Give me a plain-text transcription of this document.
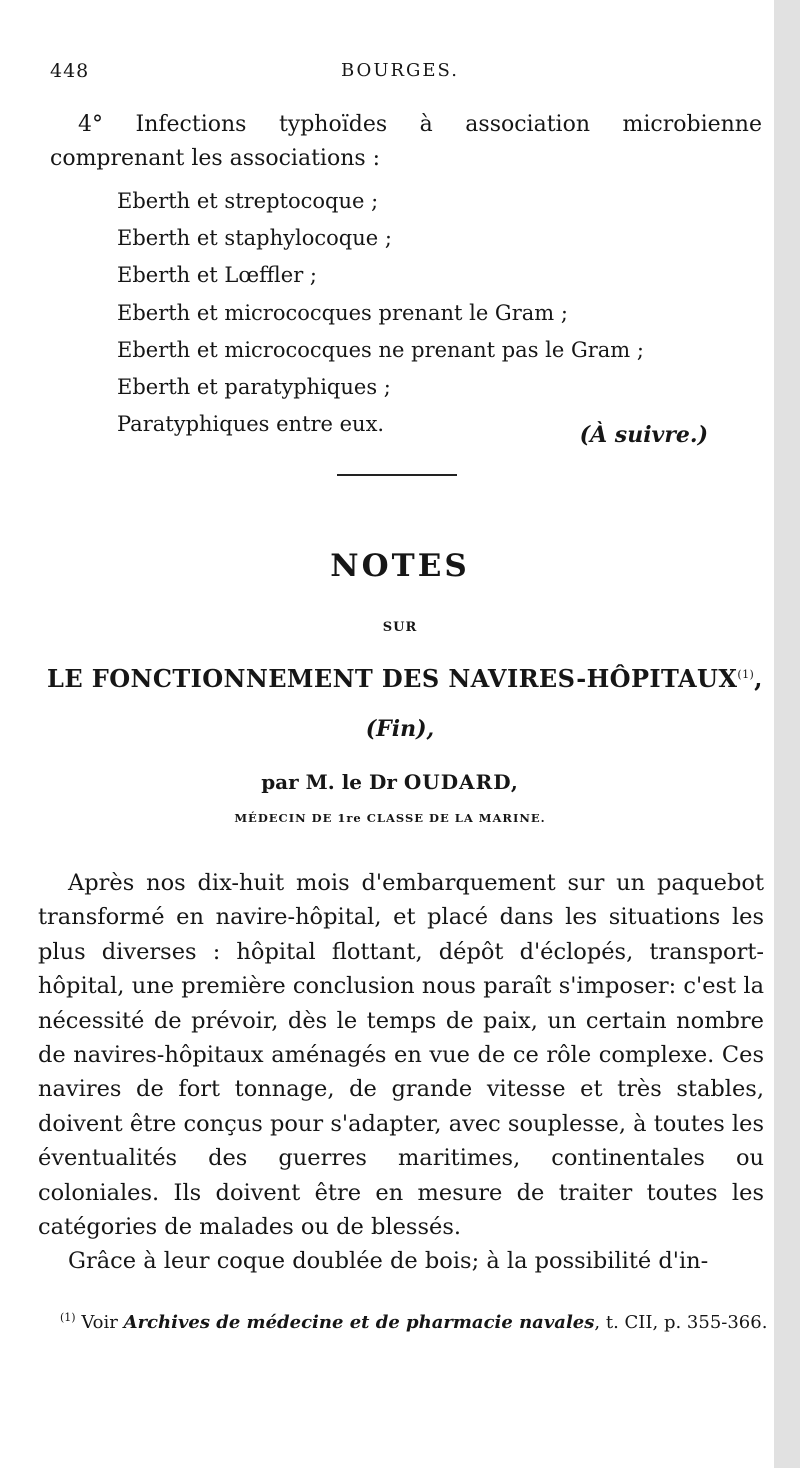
448	BOURGES.
4° Infections typhoïdes à association microbienne comprenant les associations :
Eberth et streptocoque ;
Eberth et staphylocoque ;
Eberth et Lœffler ;
Eberth et micrococques prenant le Gram ;
Eberth et micrococques ne prenant pas le Gram ;
Eberth et paratyphiques ;
Paratyphiques entre eux.	(À suivre.)
NOTES
SUR
LE FONCTIONNEMENT DES NAVIRES-HÔPITAUX$^{(1)}$,
(Fin),
par M. le Dr OUDARD,
MÉDECIN DE 1re CLASSE DE LA MARINE.

Après nos dix-huit mois d'embarquement sur un paquebot transformé en navire-hôpital, et placé dans les situations les plus diverses : hôpital flottant, dépôt d'éclopés, transport-hôpital, une première conclusion nous paraît s'imposer: c'est la nécessité de prévoir, dès le temps de paix, un certain nombre de navires-hôpitaux aménagés en vue de ce rôle complexe. Ces navires de fort tonnage, de grande vitesse et très stables, doivent être conçus pour s'adapter, avec souplesse, à toutes les éventualités des guerres maritimes, continentales ou coloniales. Ils doivent être en mesure de traiter toutes les catégories de malades ou de blessés.

Grâce à leur coque doublée de bois; à la possibilité d'in-

$^{(1)}$ Voir Archives de médecine et de pharmacie navales, t. CII, p. 355-366.
